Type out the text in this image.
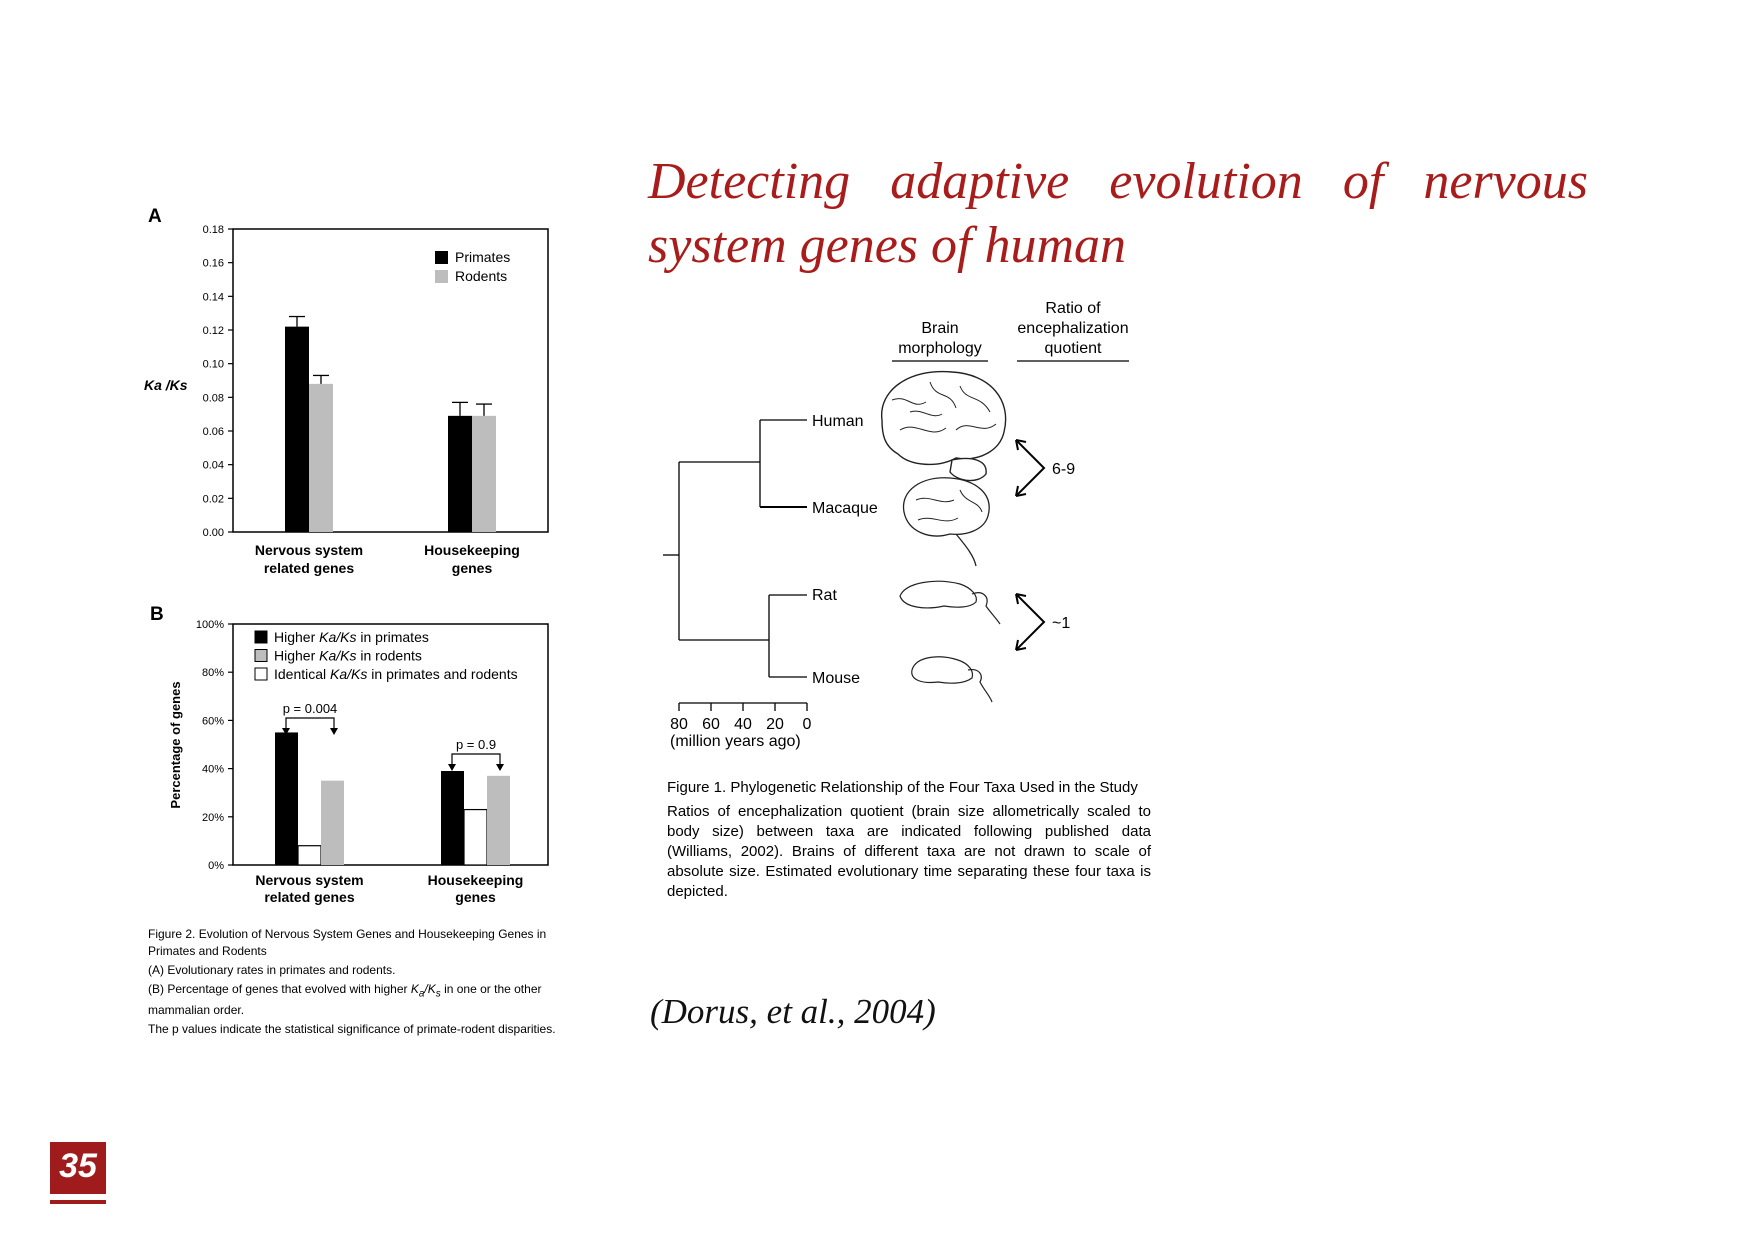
Detecting adaptive evolution of nervous system genes of human
A
0.00
0.02
0.04
0.06
0.08
0.10
0.12
0.14
0.16
0.18
Ka /Ks
Primates
Rodents
Nervous system
related genes
Housekeeping
genes
B
0%
20%
40%
60%
80%
100%
Percentage of genes
Higher Ka/Ks in primates
Higher Ka/Ks in rodents
Identical Ka/Ks in primates and rodents
p = 0.004
p = 0.9
Nervous system
related genes
Housekeeping
genes

Figure 2. Evolution of Nervous System Genes and Housekeeping Genes in Primates and Rodents

(A) Evolutionary rates in primates and rodents.

(B) Percentage of genes that evolved with higher $K_a/K_s$ in one or the other mammalian order.

The p values indicate the statistical significance of primate-rodent disparities.

Brain
morphology
Ratio of
encephalization
quotient
Human
Macaque
Rat
Mouse
6-9
~1
80 60 40 20 0
(million years ago)

Figure 1. Phylogenetic Relationship of the Four Taxa Used in the Study

Ratios of encephalization quotient (brain size allometrically scaled to body size) between taxa are indicated following published data (Williams, 2002). Brains of different taxa are not drawn to scale of absolute size. Estimated evolutionary time separating these four taxa is depicted.

(Dorus, et al., 2004)
35
